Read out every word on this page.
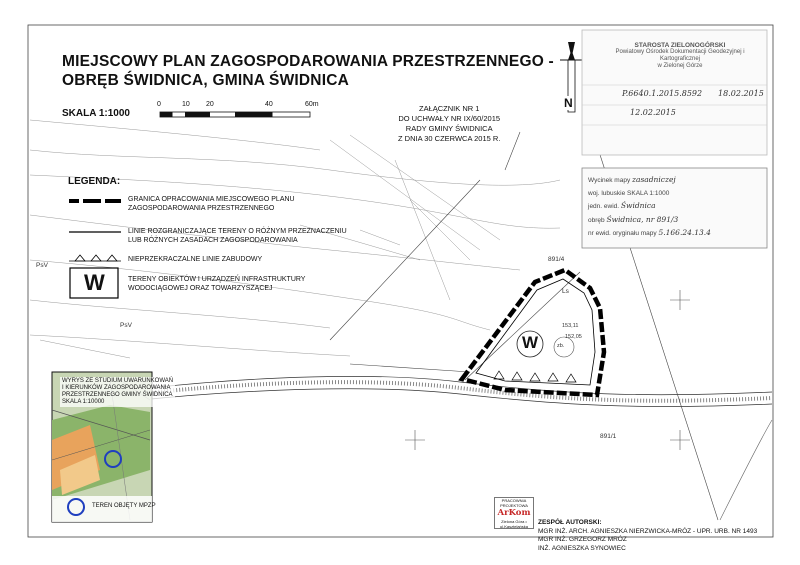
MIEJSCOWY PLAN ZAGOSPODAROWANIA PRZESTRZENNEGO -
OBRĘB ŚWIDNICA, GMINA ŚWIDNICA
SKALA 1:1000
0	10 20	40	60m	ZAŁĄCZNIK NR 1
DO UCHWAŁY NR IX/60/2015
RADY GMINY ŚWIDNICA
Z DNIA 30 CZERWCA 2015 R.
N
LEGENDA:
GRANICA OPRACOWANIA MIEJSCOWEGO PLANU
ZAGOSPODAROWANIA PRZESTRZENNEGO
LINIE ROZGRANICZAJĄCE TERENY O RÓŻNYM PRZEZNACZENIU
LUB RÓŻNYCH ZASADACH ZAGOSPODAROWANIA
NIEPRZEKRACZALNE LINIE ZABUDOWY
W	TERENY OBIEKTÓW I URZĄDZEŃ INFRASTRUKTURY
WODOCIĄGOWEJ ORAZ TOWARZYSZĄCEJ
W
891/4
891/1
zb.
153,11
152,05
PsV
PsV
Ls
STAROSTA ZIELONOGÓRSKI
Powiatowy Ośrodek Dokumentacji Geodezyjnej i Kartograficznej
w Zielonej Górze
P.6640.1.2015.8592 18.02.2015
12.02.2015
Wycinek mapy zasadniczej
woj. lubuskie SKALA 1:1000
jedn. ewid. Świdnica
obręb Świdnica, nr 891/3
nr ewid. oryginału mapy 5.166.24.13.4
WYRYS ZE STUDIUM UWARUNKOWAŃ
I KIERUNKÓW ZAGOSPODAROWANIA
PRZESTRZENNEGO GMINY ŚWIDNICA
SKALA 1:10000
TEREN OBJĘTY MPZP
PRACOWNIA PROJEKTOWA
ArKom
Zielona Góra • ul.Kasztelańska
ZESPÓŁ AUTORSKI:
MGR INŻ. ARCH. AGNIESZKA NIERZWICKA-MRÓZ - UPR. URB. NR 1493
MGR INŻ. GRZEGORZ MRÓZ
INŻ. AGNIESZKA SYNOWIEC
